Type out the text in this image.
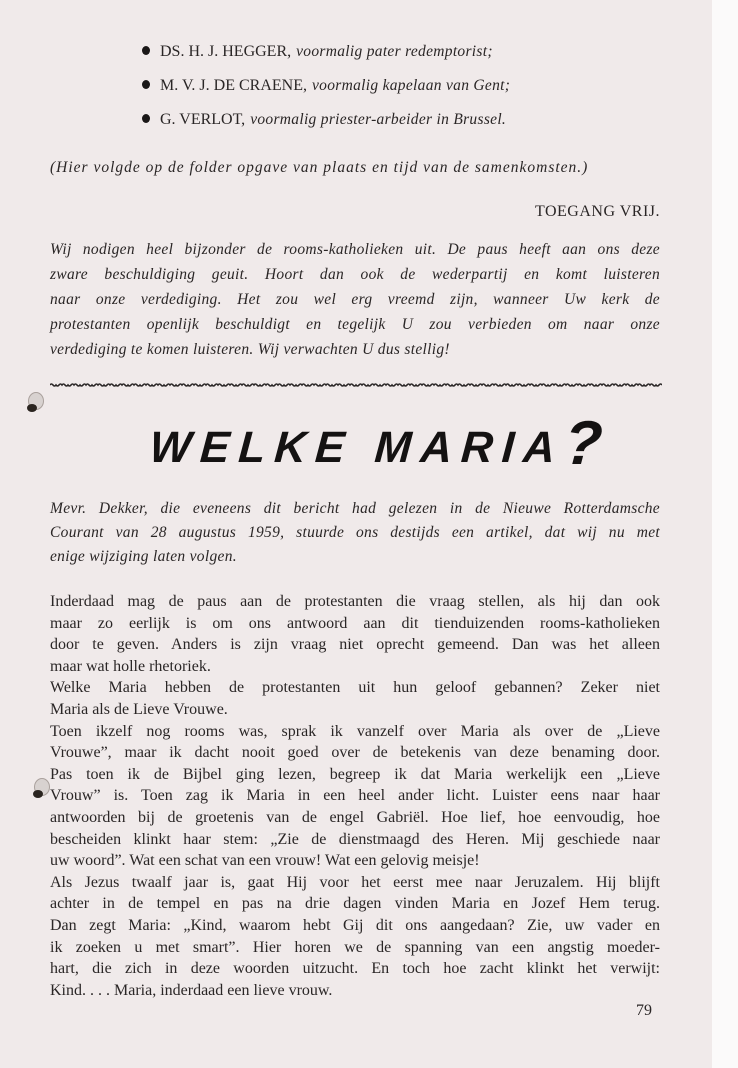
DS. H. J. HEGGER, voormalig pater redemptorist;
M. V. J. DE CRAENE, voormalig kapelaan van Gent;
G. VERLOT, voormalig priester-arbeider in Brussel.
(Hier volgde op de folder opgave van plaats en tijd van de samenkomsten.)
TOEGANG VRIJ.
Wij nodigen heel bijzonder de rooms-katholieken uit. De paus heeft aan ons deze
zware beschuldiging geuit. Hoort dan ook de wederpartij en komt luisteren
naar onze verdediging. Het zou wel erg vreemd zijn, wanneer Uw kerk de
protestanten openlijk beschuldigt en tegelijk U zou verbieden om naar onze
verdediging te komen luisteren. Wij verwachten U dus stellig!
WELKE MARIA?
Mevr. Dekker, die eveneens dit bericht had gelezen in de Nieuwe Rotterdamsche
Courant van 28 augustus 1959, stuurde ons destijds een artikel, dat wij nu met
enige wijziging laten volgen.
Inderdaad mag de paus aan de protestanten die vraag stellen, als hij dan ook
maar zo eerlijk is om ons antwoord aan dit tienduizenden rooms-katholieken
door te geven. Anders is zijn vraag niet oprecht gemeend. Dan was het alleen
maar wat holle rhetoriek.
Welke Maria hebben de protestanten uit hun geloof gebannen? Zeker niet
Maria als de Lieve Vrouwe.
Toen ikzelf nog rooms was, sprak ik vanzelf over Maria als over de „Lieve
Vrouwe”, maar ik dacht nooit goed over de betekenis van deze benaming door.
Pas toen ik de Bijbel ging lezen, begreep ik dat Maria werkelijk een „Lieve
Vrouw” is. Toen zag ik Maria in een heel ander licht. Luister eens naar haar
antwoorden bij de groetenis van de engel Gabriël. Hoe lief, hoe eenvoudig, hoe
bescheiden klinkt haar stem: „Zie de dienstmaagd des Heren. Mij geschiede naar
uw woord”. Wat een schat van een vrouw! Wat een gelovig meisje!
Als Jezus twaalf jaar is, gaat Hij voor het eerst mee naar Jeruzalem. Hij blijft
achter in de tempel en pas na drie dagen vinden Maria en Jozef Hem terug.
Dan zegt Maria: „Kind, waarom hebt Gij dit ons aangedaan? Zie, uw vader en
ik zoeken u met smart”. Hier horen we de spanning van een angstig moeder-
hart, die zich in deze woorden uitzucht. En toch hoe zacht klinkt het verwijt:
Kind. . . . Maria, inderdaad een lieve vrouw.
79
